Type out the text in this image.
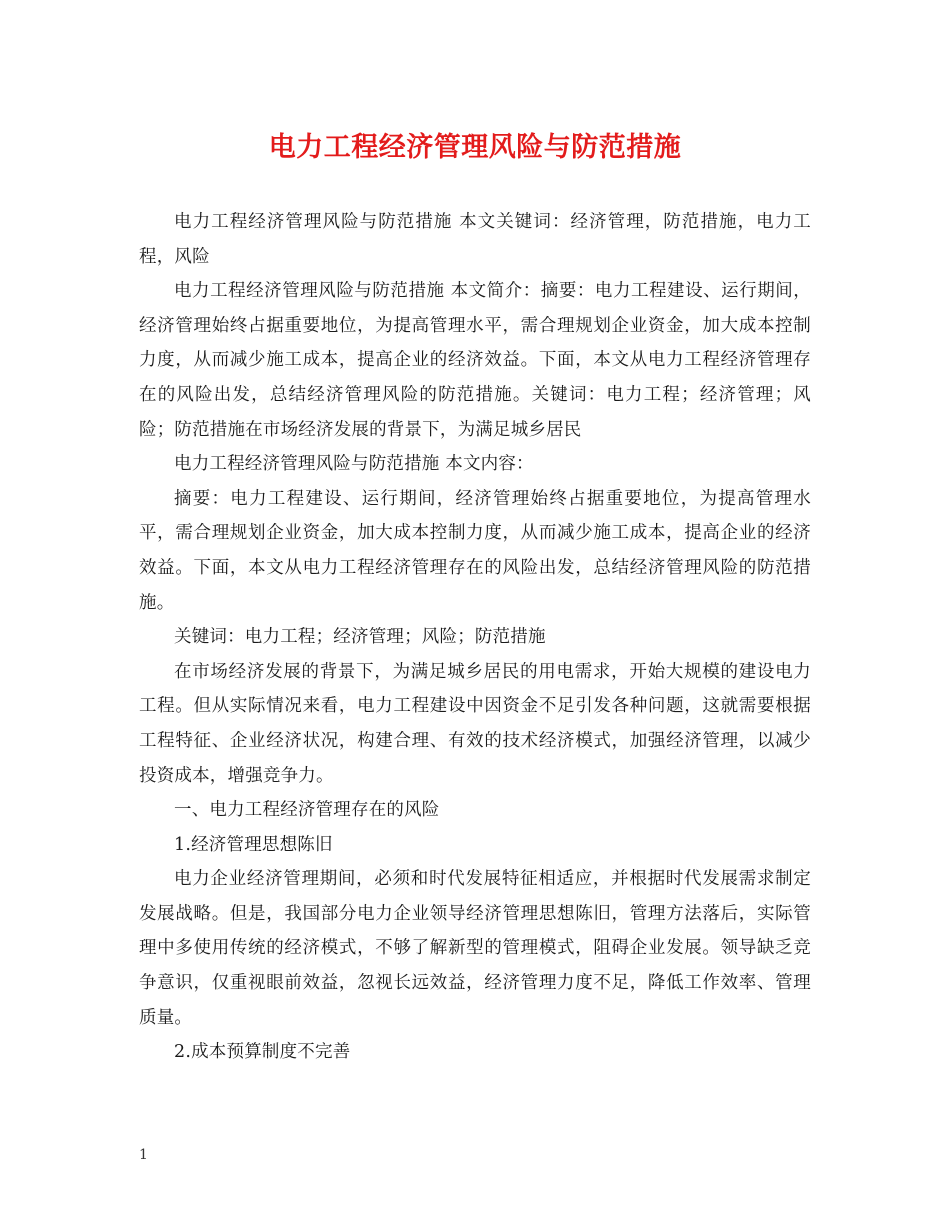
电力工程经济管理风险与防范措施

电力工程经济管理风险与防范措施 本文关键词：经济管理，防范措施，电力工程，风险

电力工程经济管理风险与防范措施 本文简介：摘要：电力工程建设、运行期间，经济管理始终占据重要地位，为提高管理水平，需合理规划企业资金，加大成本控制力度，从而减少施工成本，提高企业的经济效益。下面，本文从电力工程经济管理存在的风险出发，总结经济管理风险的防范措施。关键词：电力工程；经济管理；风险；防范措施在市场经济发展的背景下，为满足城乡居民

电力工程经济管理风险与防范措施 本文内容：

摘要：电力工程建设、运行期间，经济管理始终占据重要地位，为提高管理水平，需合理规划企业资金，加大成本控制力度，从而减少施工成本，提高企业的经济效益。下面，本文从电力工程经济管理存在的风险出发，总结经济管理风险的防范措施。

关键词：电力工程；经济管理；风险；防范措施

在市场经济发展的背景下，为满足城乡居民的用电需求，开始大规模的建设电力工程。但从实际情况来看，电力工程建设中因资金不足引发各种问题，这就需要根据工程特征、企业经济状况，构建合理、有效的技术经济模式，加强经济管理，以减少投资成本，增强竞争力。

一、电力工程经济管理存在的风险

1.经济管理思想陈旧

电力企业经济管理期间，必须和时代发展特征相适应，并根据时代发展需求制定发展战略。但是，我国部分电力企业领导经济管理思想陈旧，管理方法落后，实际管理中多使用传统的经济模式，不够了解新型的管理模式，阻碍企业发展。领导缺乏竞争意识，仅重视眼前效益，忽视长远效益，经济管理力度不足，降低工作效率、管理质量。

2.成本预算制度不完善

1
